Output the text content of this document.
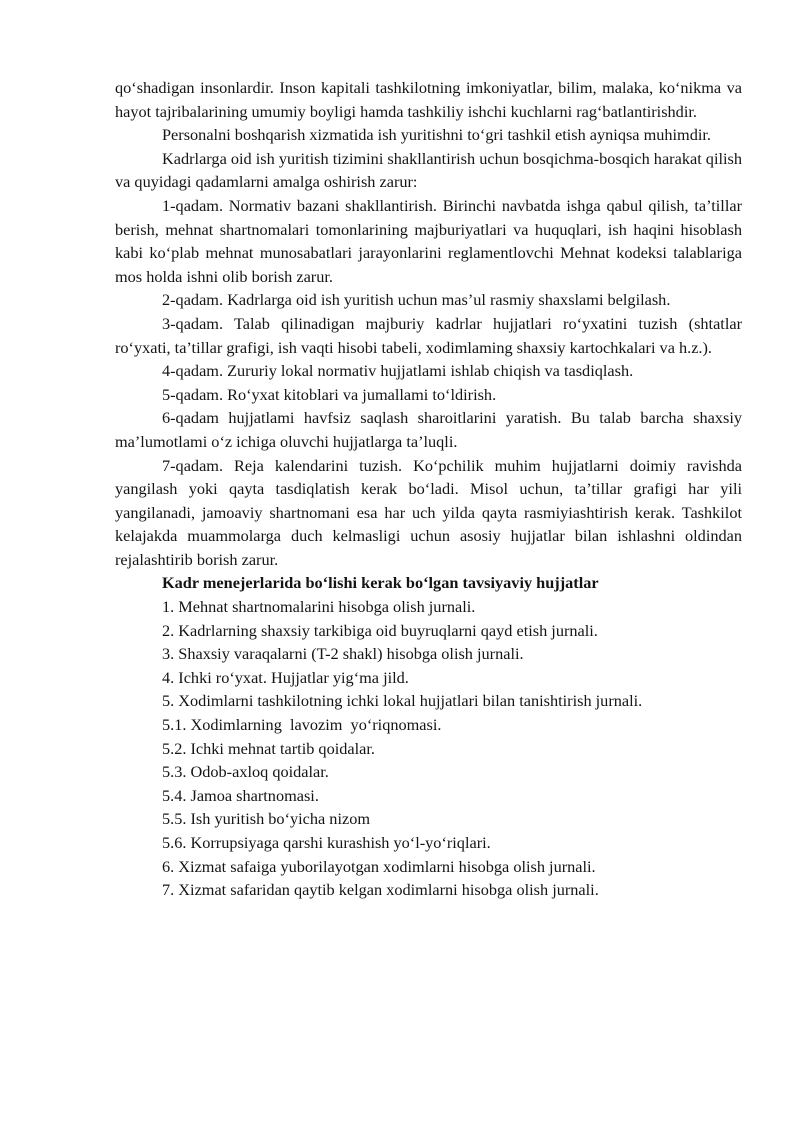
qo‘shadigan insonlardir. Inson kapitali tashkilotning imkoniyatlar, bilim, malaka, ko‘nikma va hayot tajribalarining umumiy boyligi hamda tashkiliy ishchi kuchlarni rag‘batlantirishdir.

Personalni boshqarish xizmatida ish yuritishni to‘gri tashkil etish ayniqsa muhimdir.

Kadrlarga oid ish yuritish tizimini shakllantirish uchun bosqichma-bosqich harakat qilish va quyidagi qadamlarni amalga oshirish zarur:

1-qadam. Normativ bazani shakllantirish. Birinchi navbatda ishga qabul qilish, ta’tillar berish, mehnat shartnomalari tomonlarining majburiyatlari va huquqlari, ish haqini hisoblash kabi ko‘plab mehnat munosabatlari jarayonlarini reglamentlovchi Mehnat kodeksi talablariga mos holda ishni olib borish zarur.

2-qadam. Kadrlarga oid ish yuritish uchun mas’ul rasmiy shaxslami belgilash.

3-qadam. Talab qilinadigan majburiy kadrlar hujjatlari ro‘yxatini tuzish (shtatlar ro‘yxati, ta’tillar grafigi, ish vaqti hisobi tabeli, xodimlaming shaxsiy kartochkalari va h.z.).

4-qadam. Zururiy lokal normativ hujjatlami ishlab chiqish va tasdiqlash.

5-qadam. Ro‘yxat kitoblari va jumallami to‘ldirish.

6-qadam hujjatlami havfsiz saqlash sharoitlarini yaratish. Bu talab barcha shaxsiy ma’lumotlami o‘z ichiga oluvchi hujjatlarga ta’luqli.

7-qadam. Reja kalendarini tuzish. Ko‘pchilik muhim hujjatlarni doimiy ravishda yangilash yoki qayta tasdiqlatish kerak bo‘ladi. Misol uchun, ta’tillar grafigi har yili yangilanadi, jamoaviy shartnomani esa har uch yilda qayta rasmiyiashtirish kerak. Tashkilot kelajakda muammolarga duch kelmasligi uchun asosiy hujjatlar bilan ishlashni oldindan rejalashtirib borish zarur.

Kadr menejerlarida bo‘lishi kerak bo‘lgan tavsiyaviy hujjatlar

1. Mehnat shartnomalarini hisobga olish jurnali.
2. Kadrlarning shaxsiy tarkibiga oid buyruqlarni qayd etish jurnali.
3. Shaxsiy varaqalarni (T-2 shakl) hisobga olish jurnali.
4. Ichki ro‘yxat. Hujjatlar yig‘ma jild.
5. Xodimlarni tashkilotning ichki lokal hujjatlari bilan tanishtirish jurnali.
5.1. Xodimlarning  lavozim  yo‘riqnomasi.
5.2. Ichki mehnat tartib qoidalar.
5.3. Odob-axloq qoidalar.
5.4. Jamoa shartnomasi.
5.5. Ish yuritish bo‘yicha nizom
5.6. Korrupsiyaga qarshi kurashish yo‘l-yo‘riqlari.
6. Xizmat safaiga yuborilayotgan xodimlarni hisobga olish jurnali.
7. Xizmat safaridan qaytib kelgan xodimlarni hisobga olish jurnali.
